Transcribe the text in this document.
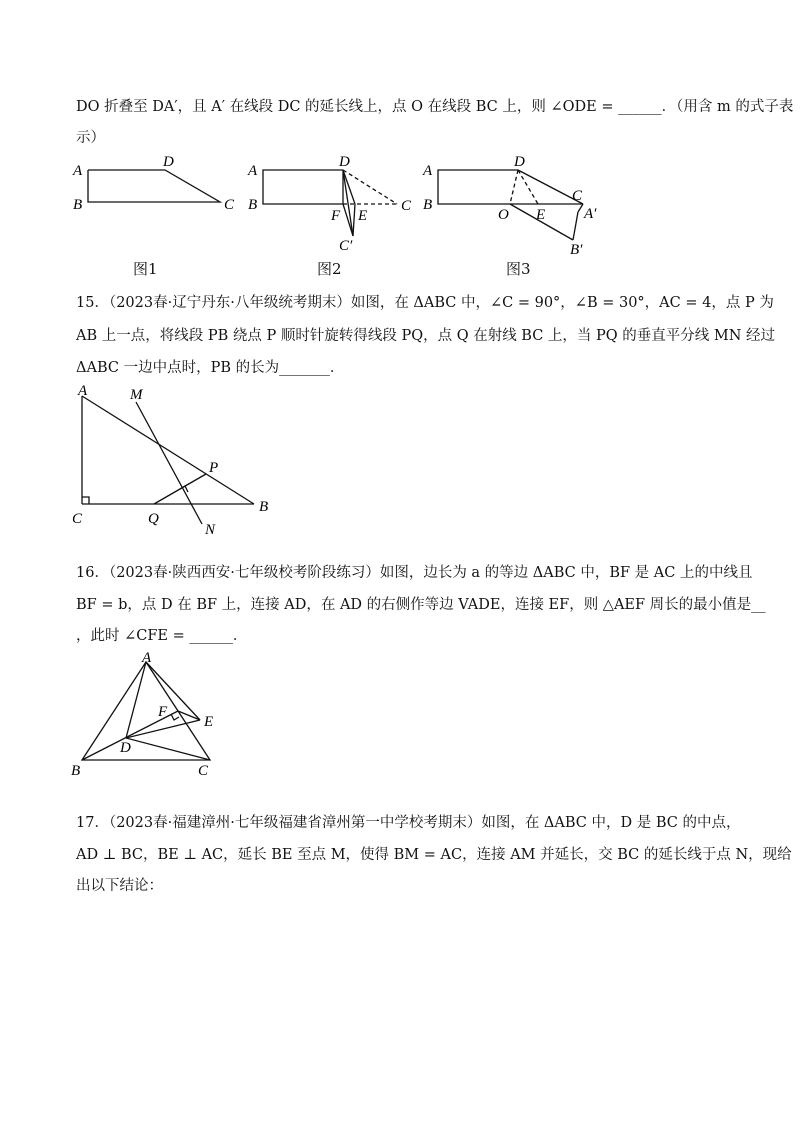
DO 折叠至 DA′，且 A′ 在线段 DC 的延长线上，点 O 在线段 BC 上，则 ∠ODE = ______．（用含 m 的式子表
示）
A
B
D
C
图1
A
B
D
F E
C
C′
图2
A
B
D
C
O E	A′
B′
图3
15．（2023春·辽宁丹东·八年级统考期末）如图，在 ΔABC 中，∠C = 90°，∠B = 30°，AC = 4，点 P 为
AB 上一点，将线段 PB 绕点 P 顺时针旋转得线段 PQ，点 Q 在射线 BC 上，当 PQ 的垂直平分线 MN 经过
ΔABC 一边中点时，PB 的长为_______．
A	M
P
C	Q
B
N
16．（2023春·陕西西安·七年级校考阶段练习）如图，边长为 a 的等边 ΔABC 中，BF 是 AC 上的中线且
BF = b，点 D 在 BF 上，连接 AD，在 AD 的右侧作等边 VADE，连接 EF，则 △AEF 周长的最小值是__
，此时 ∠CFE = ______．
A
F
E
D
B	C
17．（2023春·福建漳州·七年级福建省漳州第一中学校考期末）如图，在 ΔABC 中，D 是 BC 的中点，
AD ⊥ BC，BE ⊥ AC，延长 BE 至点 M，使得 BM = AC，连接 AM 并延长，交 BC 的延长线于点 N，现给
出以下结论：
